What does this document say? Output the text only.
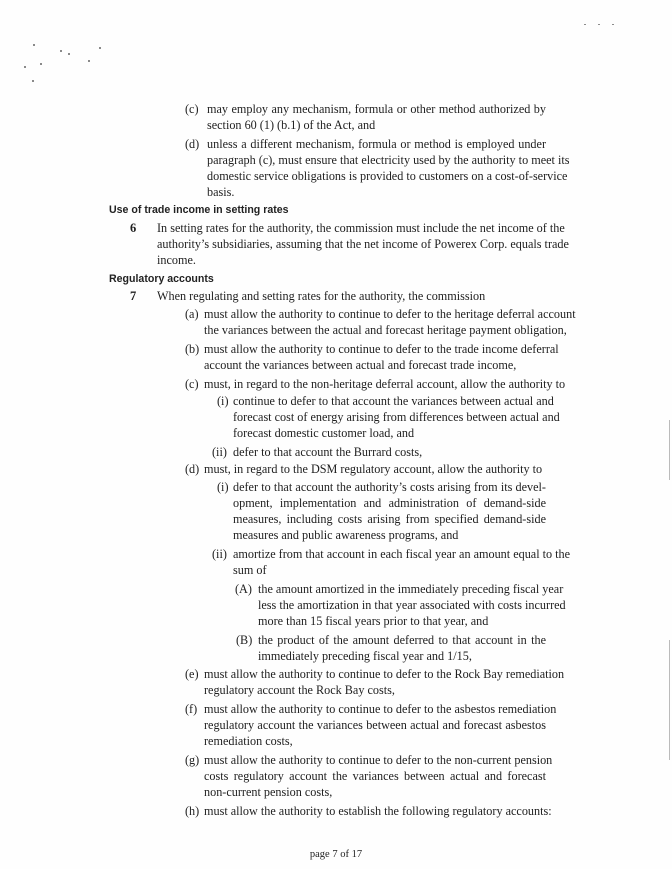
(c) may employ any mechanism, formula or other method authorized by
section 60 (1) (b.1) of the Act, and
(d) unless a different mechanism, formula or method is employed under
paragraph (c), must ensure that electricity used by the authority to meet its
domestic service obligations is provided to customers on a cost-of-service
basis.
Use of trade income in setting rates
6 In setting rates for the authority, the commission must include the net income of the
authority’s subsidiaries, assuming that the net income of Powerex Corp. equals trade
income.
Regulatory accounts
7 When regulating and setting rates for the authority, the commission
(a) must allow the authority to continue to defer to the heritage deferral account
the variances between the actual and forecast heritage payment obligation,
(b) must allow the authority to continue to defer to the trade income deferral
account the variances between actual and forecast trade income,
(c) must, in regard to the non-heritage deferral account, allow the authority to
(i) continue to defer to that account the variances between actual and
forecast cost of energy arising from differences between actual and
forecast domestic customer load, and
(ii) defer to that account the Burrard costs,
(d) must, in regard to the DSM regulatory account, allow the authority to
(i) defer to that account the authority’s costs arising from its devel-
opment, implementation and administration of demand-side
measures, including costs arising from specified demand-side
measures and public awareness programs, and
(ii) amortize from that account in each fiscal year an amount equal to the
sum of
(A) the amount amortized in the immediately preceding fiscal year
less the amortization in that year associated with costs incurred
more than 15 fiscal years prior to that year, and
(B) the product of the amount deferred to that account in the
immediately preceding fiscal year and 1/15,
(e) must allow the authority to continue to defer to the Rock Bay remediation
regulatory account the Rock Bay costs,
(f) must allow the authority to continue to defer to the asbestos remediation
regulatory account the variances between actual and forecast asbestos
remediation costs,
(g) must allow the authority to continue to defer to the non-current pension
costs regulatory account the variances between actual and forecast
non-current pension costs,
(h) must allow the authority to establish the following regulatory accounts:
page 7 of 17
